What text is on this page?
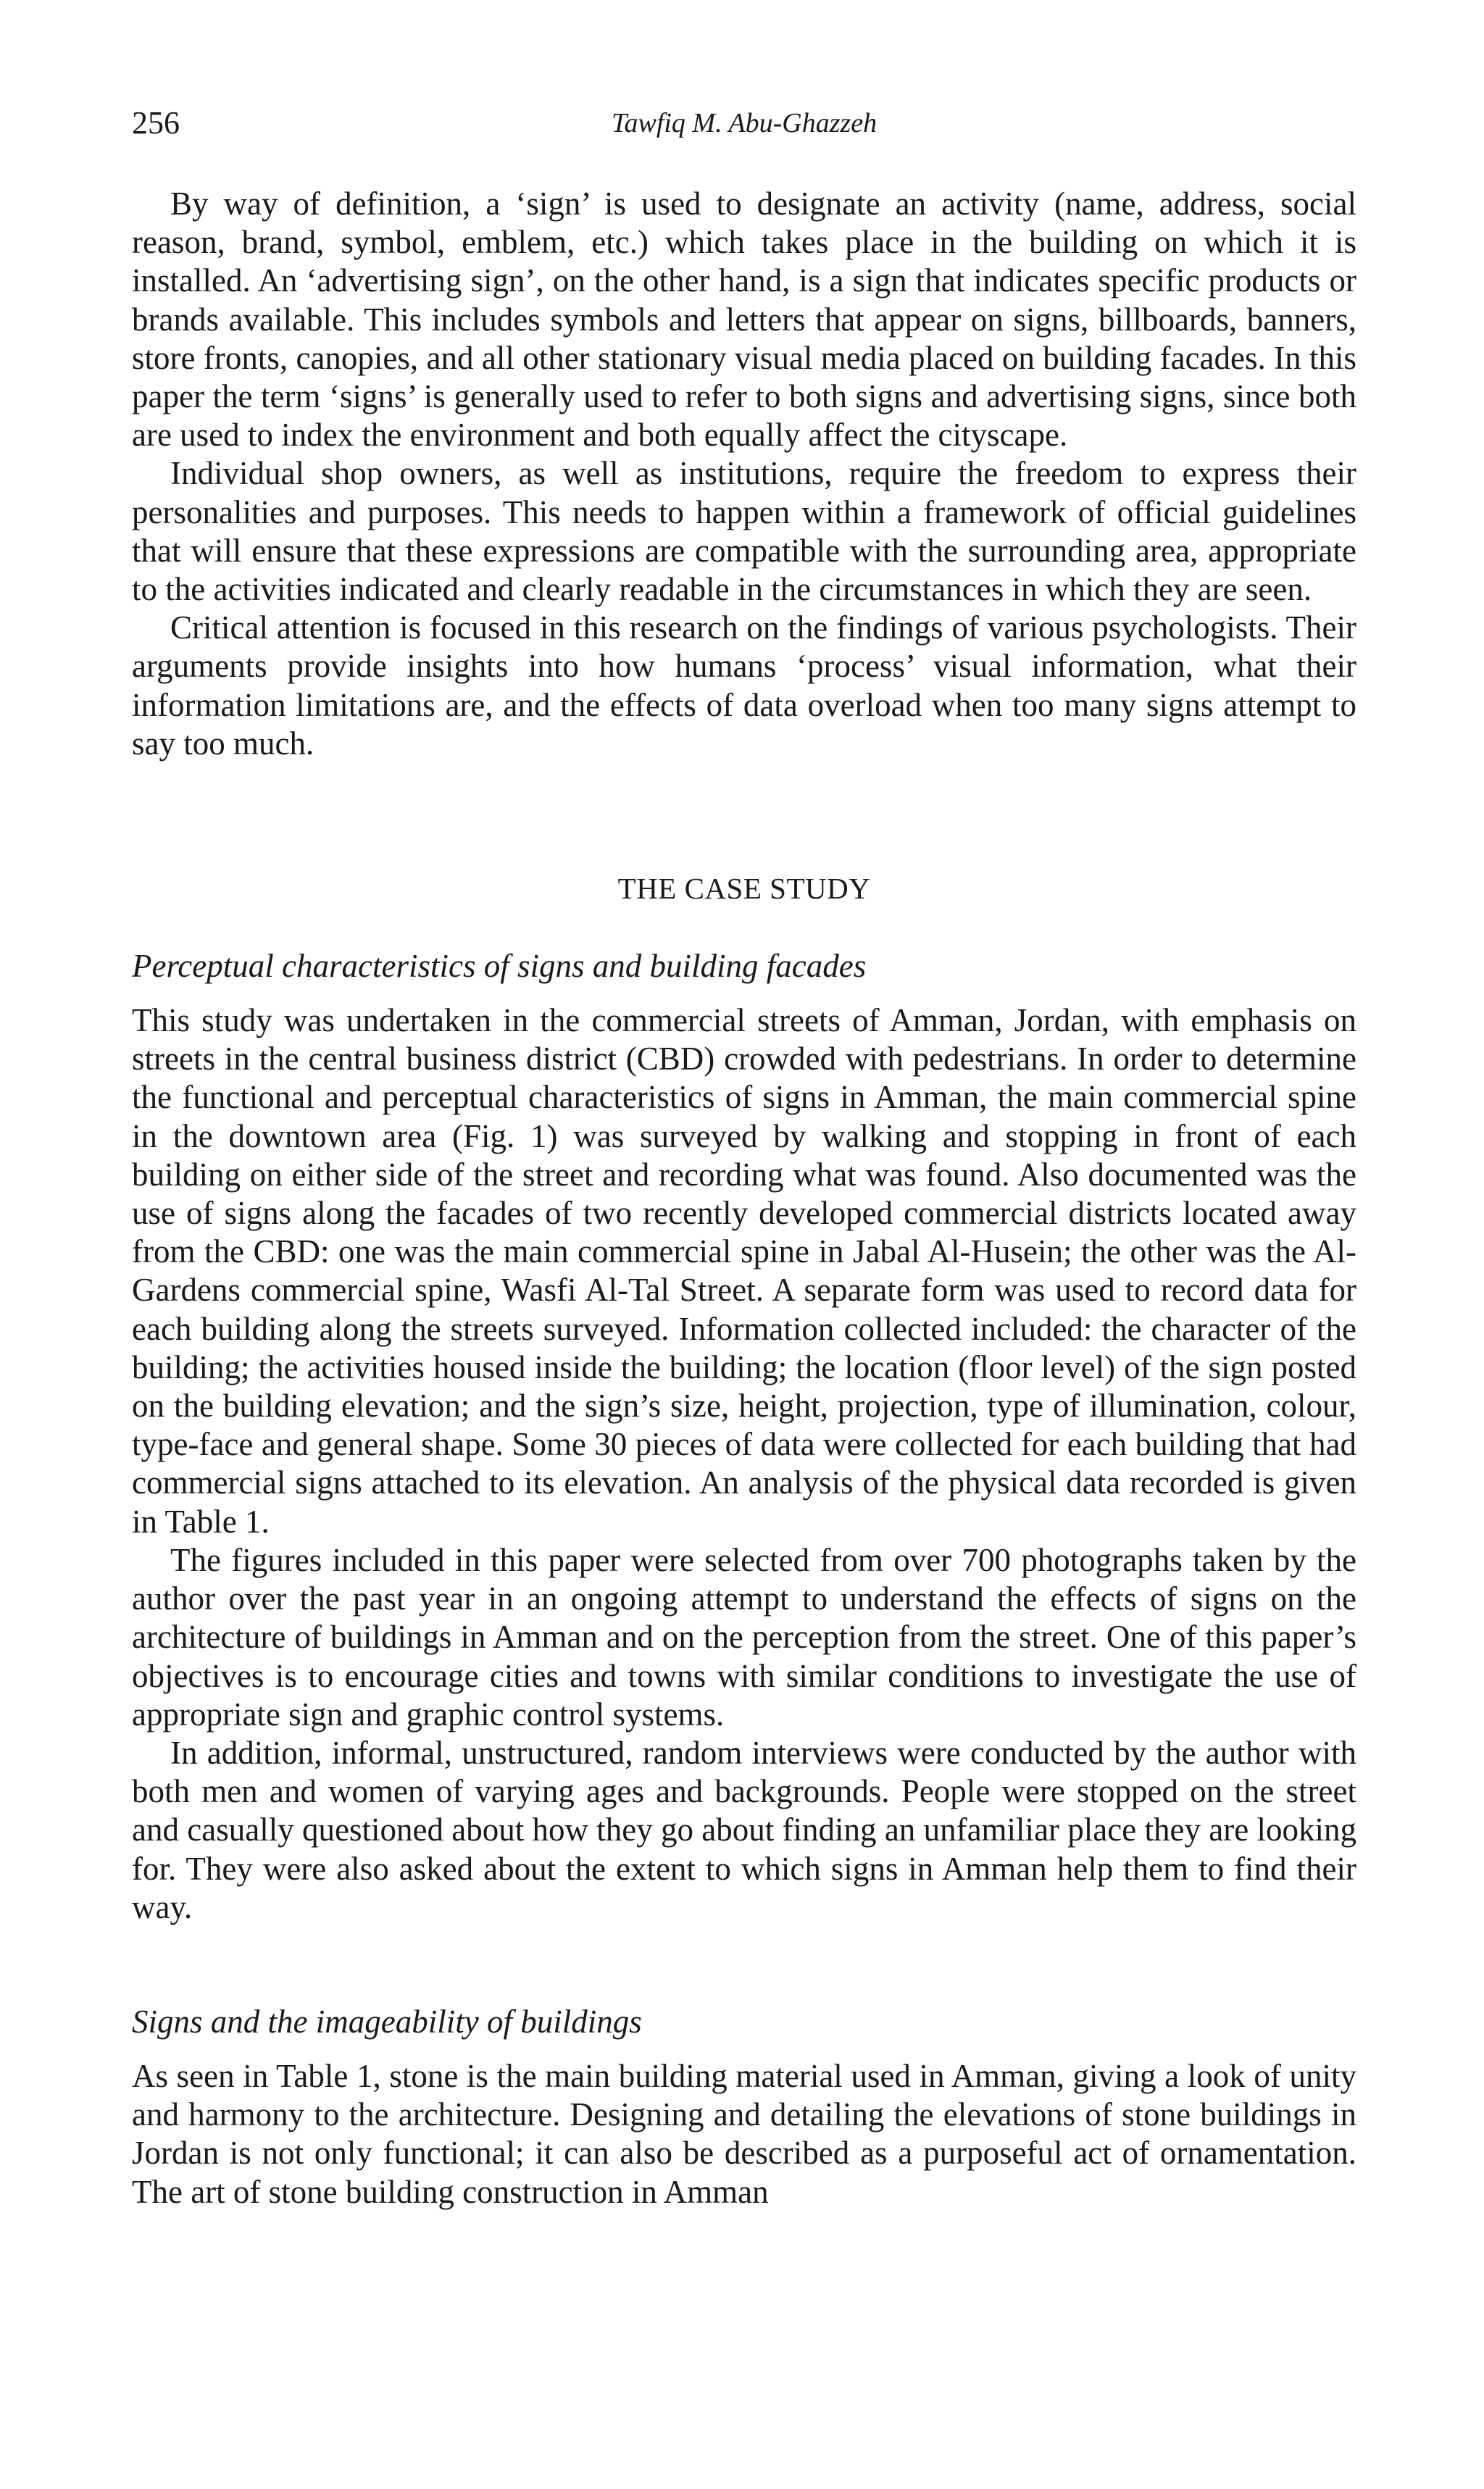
256	Tawfiq M. Abu-Ghazzeh

By way of definition, a ‘sign’ is used to designate an activity (name, address, social reason, brand, symbol, emblem, etc.) which takes place in the building on which it is installed. An ‘advertising sign’, on the other hand, is a sign that indicates specific products or brands available. This includes symbols and letters that appear on signs, billboards, banners, store fronts, canopies, and all other stationary visual media placed on building facades. In this paper the term ‘signs’ is generally used to refer to both signs and advertising signs, since both are used to index the environment and both equally affect the cityscape.

Individual shop owners, as well as institutions, require the freedom to express their personalities and purposes. This needs to happen within a framework of official guidelines that will ensure that these expressions are compatible with the surrounding area, appropriate to the activities indicated and clearly readable in the circumstances in which they are seen.

Critical attention is focused in this research on the findings of various psychologists. Their arguments provide insights into how humans ‘process’ visual information, what their information limitations are, and the effects of data overload when too many signs attempt to say too much.

THE CASE STUDY
Perceptual characteristics of signs and building facades

This study was undertaken in the commercial streets of Amman, Jordan, with emphasis on streets in the central business district (CBD) crowded with pedestrians. In order to determine the functional and perceptual characteristics of signs in Amman, the main commercial spine in the downtown area (Fig. 1) was surveyed by walking and stopping in front of each building on either side of the street and recording what was found. Also documented was the use of signs along the facades of two recently developed commercial districts located away from the CBD: one was the main commercial spine in Jabal Al-Husein; the other was the Al-Gardens commercial spine, Wasfi Al-Tal Street. A separate form was used to record data for each building along the streets surveyed. Information collected included: the character of the building; the activities housed inside the building; the location (floor level) of the sign posted on the building elevation; and the sign’s size, height, projection, type of illumination, colour, type-face and general shape. Some 30 pieces of data were collected for each building that had commercial signs attached to its elevation. An analysis of the physical data recorded is given in Table 1.

The figures included in this paper were selected from over 700 photographs taken by the author over the past year in an ongoing attempt to understand the effects of signs on the architecture of buildings in Amman and on the perception from the street. One of this paper’s objectives is to encourage cities and towns with similar conditions to investigate the use of appropriate sign and graphic control systems.

In addition, informal, unstructured, random interviews were conducted by the author with both men and women of varying ages and backgrounds. People were stopped on the street and casually questioned about how they go about finding an unfamiliar place they are looking for. They were also asked about the extent to which signs in Amman help them to find their way.

Signs and the imageability of buildings

As seen in Table 1, stone is the main building material used in Amman, giving a look of unity and harmony to the architecture. Designing and detailing the elevations of stone buildings in Jordan is not only functional; it can also be described as a purposeful act of ornamentation. The art of stone building construction in Amman
